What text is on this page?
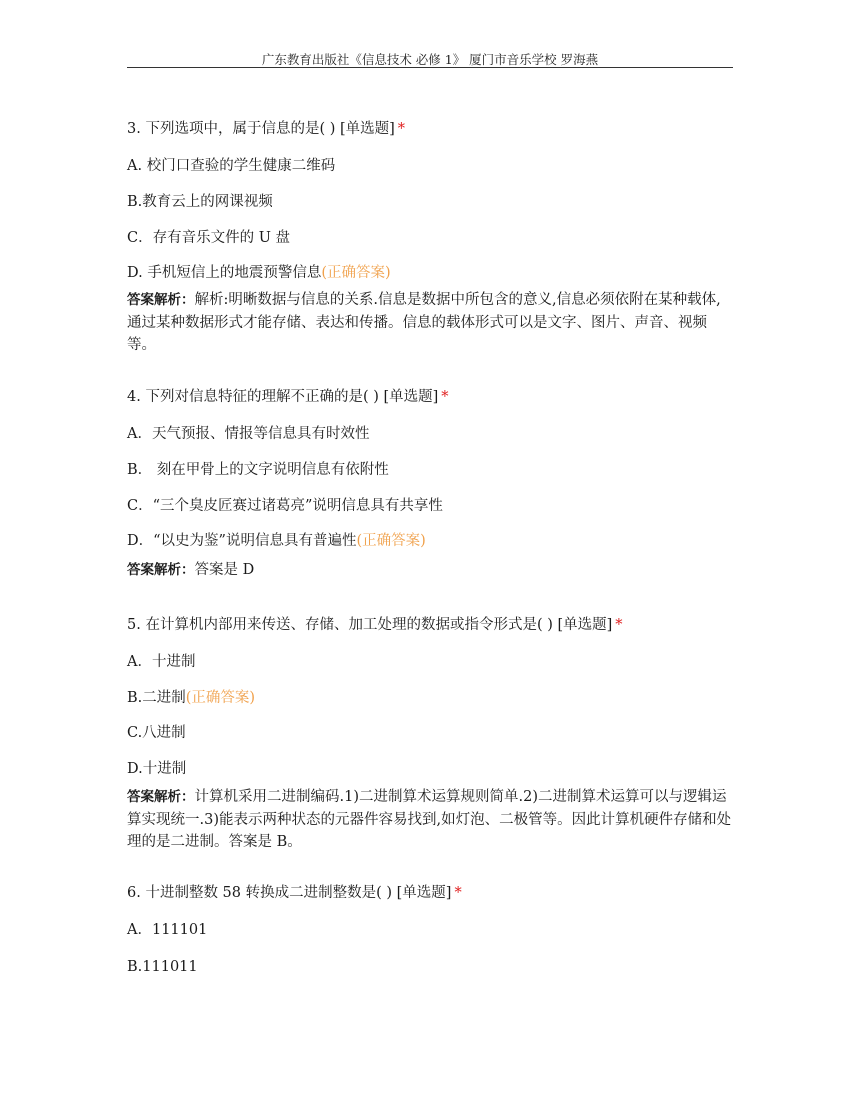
广东教育出版社《信息技术 必修 1》 厦门市音乐学校 罗海燕
3. 下列选项中，属于信息的是( ) [单选题] *
A. 校门口查验的学生健康二维码
B.教育云上的网课视频
C．存有音乐文件的 U 盘
D. 手机短信上的地震预警信息(正确答案)
答案解析：解析:明晰数据与信息的关系.信息是数据中所包含的意义,信息必须依附在某种载体,通过某种数据形式才能存储、表达和传播。信息的载体形式可以是文字、图片、声音、视频等。
4. 下列对信息特征的理解不正确的是( ) [单选题] *
A．天气预报、情报等信息具有时效性
B． 刻在甲骨上的文字说明信息有依附性
C．“三个臭皮匠赛过诸葛亮”说明信息具有共享性
D．“以史为鉴”说明信息具有普遍性(正确答案)
答案解析：答案是 D
5. 在计算机内部用来传送、存储、加工处理的数据或指令形式是( ) [单选题] *
A．十进制
B.二进制(正确答案)
C.八进制
D.十进制
答案解析：计算机采用二进制编码.1)二进制算术运算规则简单.2)二进制算术运算可以与逻辑运算实现统一.3)能表示两种状态的元器件容易找到,如灯泡、二极管等。因此计算机硬件存储和处理的是二进制。答案是 B。
6. 十进制整数 58 转换成二进制整数是( ) [单选题] *
A．111101
B.111011
